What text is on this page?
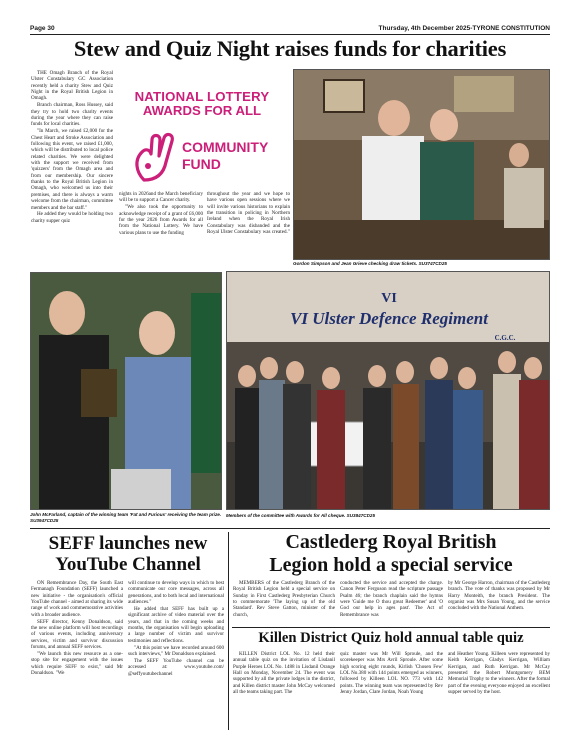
Page 30	Thursday, 4th December 2025-TYRONE CONSTITUTION
Stew and Quiz Night raises funds for charities

THE Omagh Branch of the Royal Ulster Constabulary GC Association recently held a charity Stew and Quiz Night in the Royal British Legion in Omagh.

Branch chairman, Ross Hussey, said they try to hold two charity events during the year where they can raise funds for local charities.

"In March, we raised £2,000 for the Chest Heart and Stroke Association and following this event, we raised £1,000, which will be distributed to local police related charities. We were delighted with the support we received from 'quizzers' from the Omagh area and from our membership. Our sincere thanks to the Royal British Legion in Omagh, who welcomed us into their premises, and there is always a warm welcome from the chairman, committee members and the bar staff."

He added they would be holding two charity supper quiz

NATIONAL LOTTERY
AWARDS FOR ALL
COMMUNITY
FUND

nights in 2026and the March beneficiary will be to support a Cancer charity.

"We also took the opportunity to acknowledge receipt of a grant of £6,000 for the year 2026 from Awards for all from the National Lottery. We have various plans to use the funding

throughout the year and we hope to have various open sessions where we will invite various historians to explain the transition in policing in Northern Ireland when the Royal Irish Constabulary was disbanded and the Royal Ulster Constabulary was created."

Gordon Simpson and Jean Grieve checking draw tickets. SU3747CD25
John McFarland, captain of the winning team 'Fat and Furious' receiving the team prize. SU3947CD25
VI
VI Ulster Defence Regiment
C.G.C.
Members of the committee with Awards for All cheque. SU3847CD25
SEFF launches new
YouTube Channel

ON Remembrance Day, the South East Fermanagh Foundation (SEFF) launched a new initiative - the organisation's official YouTube channel - aimed at sharing its wide range of work and commemorative activities with a broader audience.

SEFF director, Kenny Donaldson, said the new online platform will host recordings of various events, including anniversary services, victim and survivor discussion forums, and annual SEFF services.

"We launch this new resource as a one-stop site for engagement with the issues which require SEFF to exist," said Mr Donaldson. "We

will continue to develop ways in which to best communicate our core messages, across all generations, and to both local and international audiences."

He added that SEFF has built up a significant archive of video material over the years, and that in the coming weeks and months, the organisation will begin uploading a large number of victim and survivor testimonies and reflections.

"At this point we have recorded around 600 such interviews," Mr Donaldson explained.

The SEFF YouTube channel can be accessed at: www.youtube.com/ @seffyoutubechannel

Castlederg Royal British
Legion hold a special service

MEMBERS of the Castlederg Branch of the Royal British Legion held a special service on Sunday in First Castlederg Presbyterian Church to commemorate 'The laying up of the old Standard'. Rev Steve Gatton, minister of the church,

conducted the service and accepted the charge. Canon Peter Ferguson read the scripture passage Psalm 46; the branch chaplain said the hymns were 'Guide me O thou great Redeemer' and 'O God our help in ages past'. The Act of Remembrance was

by Mr George Harron, chairman of the Castlederg branch. The vote of thanks was proposed by Mr Harry Monteith, the branch President. The organist was Mrs Susan Young, and the service concluded with the National Anthem.

Killen District Quiz hold annual table quiz

KILLEN District LOL No. 12 held their annual table quiz on the invitation of Lisdanil Purple Heroes LOL No. 1488 in Lisdanil Orange Hall on Monday, November 24. The event was supported by all the private lodges in the district, and Killen district master John McCay welcomed all the teams taking part. The

quiz master was Mr Will Sproule, and the scorekeeper was Mrs Avril Sproule. After some high scoring eight rounds, Kirlish 'Chosen Few' LOL No.380 with 144 points emerged as winners, followed by Killeen LOL NO. 773 with 142 points. The winning team was represented by Rev Jenny Jordan, Clare Jordan, Noah Young

and Heather Young. Killeen were represented by Keith Kerrigan, Gladys Kerrigan, William Kerrigan, and Ruth Kerrigan. Mr McCay presented the Robert Montgomery BEM Memorial Trophy to the winners. After the formal part of the evening everyone enjoyed an excellent supper served by the host.
